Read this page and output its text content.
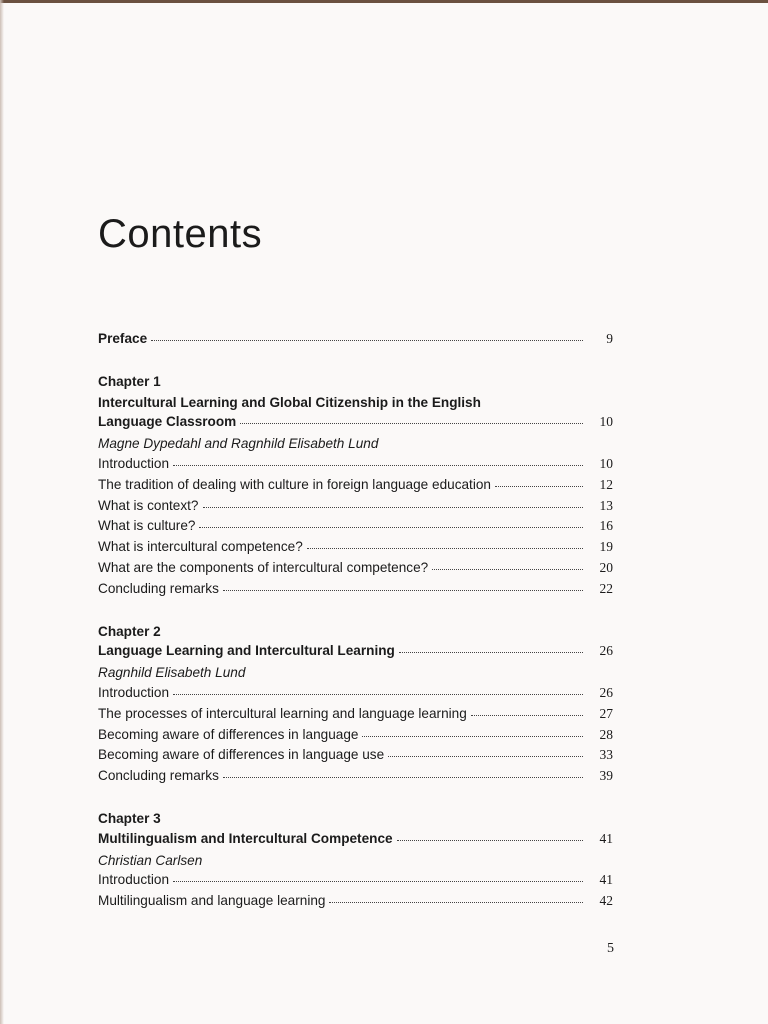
Contents
Preface	9
Chapter 1
Intercultural Learning and Global Citizenship in the English
Language Classroom	10
Magne Dypedahl and Ragnhild Elisabeth Lund
Introduction	10
The tradition of dealing with culture in foreign language education	12
What is context?	13
What is culture?	16
What is intercultural competence?	19
What are the components of intercultural competence?	20
Concluding remarks	22
Chapter 2
Language Learning and Intercultural Learning	26
Ragnhild Elisabeth Lund
Introduction	26
The processes of intercultural learning and language learning	27
Becoming aware of differences in language	28
Becoming aware of differences in language use	33
Concluding remarks	39
Chapter 3
Multilingualism and Intercultural Competence	41
Christian Carlsen
Introduction	41
Multilingualism and language learning	42
5
